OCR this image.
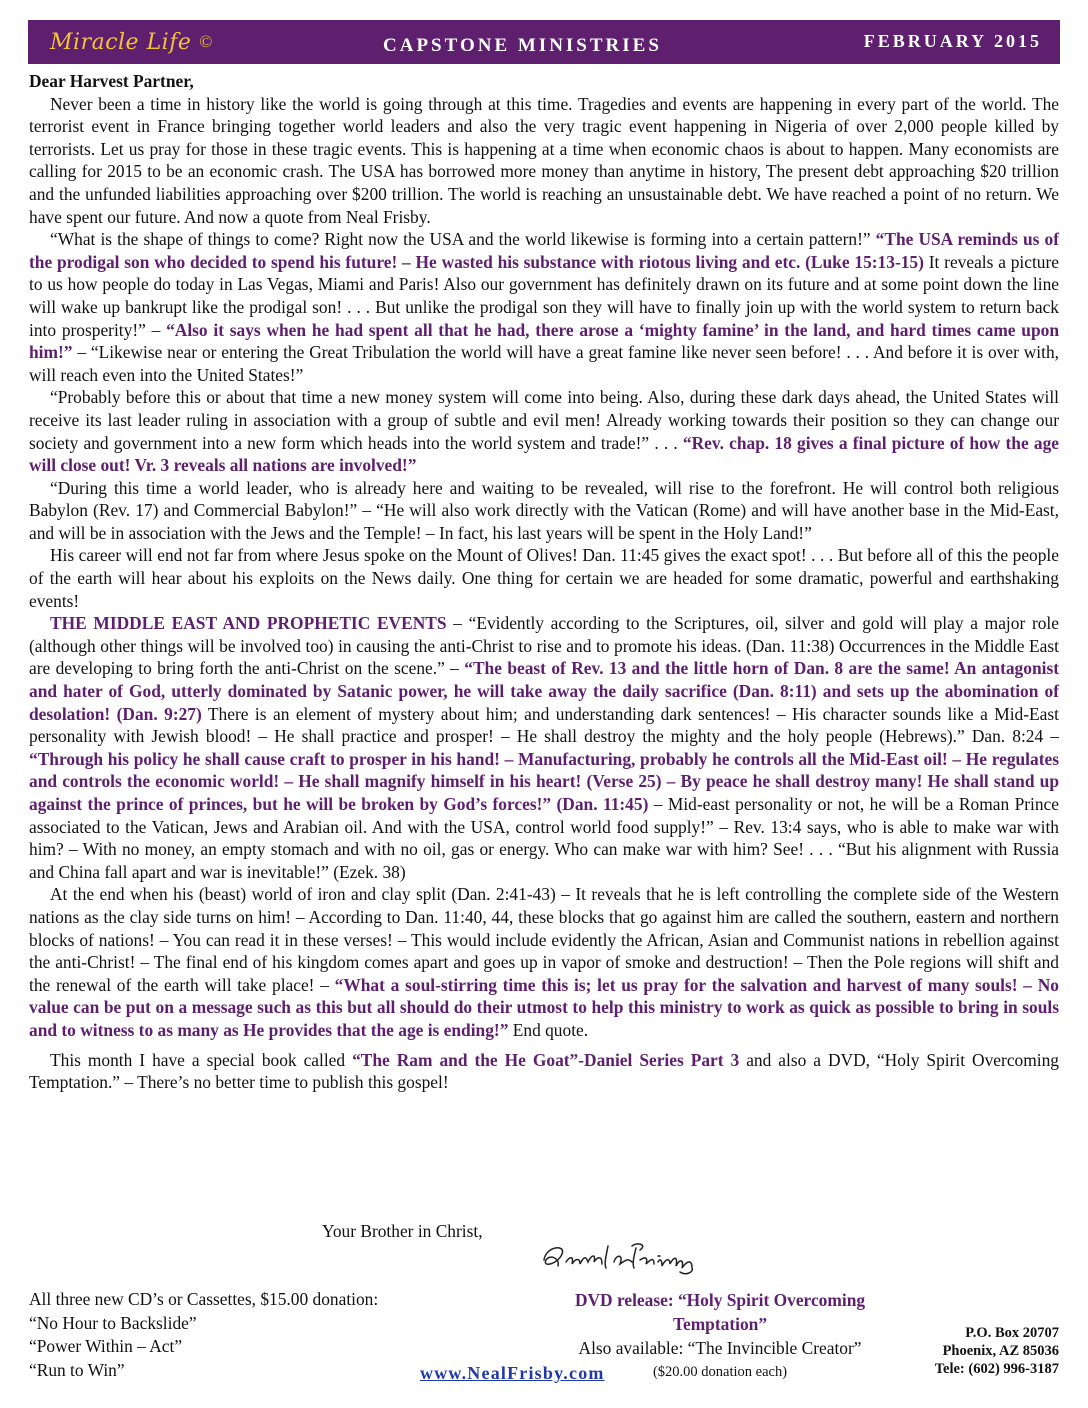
Miracle Life ©	CAPSTONE MINISTRIES	FEBRUARY 2015
Dear Harvest Partner,

Never been a time in history like the world is going through at this time. Tragedies and events are happening in every part of the world. The terrorist event in France bringing together world leaders and also the very tragic event happening in Nigeria of over 2,000 people killed by terrorists. Let us pray for those in these tragic events. This is happening at a time when economic chaos is about to happen. Many economists are calling for 2015 to be an economic crash. The USA has borrowed more money than anytime in history, The present debt approaching $20 trillion and the unfunded liabilities approaching over $200 trillion. The world is reaching an unsustainable debt. We have reached a point of no return. We have spent our future. And now a quote from Neal Frisby.

“What is the shape of things to come? Right now the USA and the world likewise is forming into a certain pattern!” “The USA reminds us of the prodigal son who decided to spend his future! – He wasted his substance with riotous living and etc. (Luke 15:13-15) It reveals a picture to us how people do today in Las Vegas, Miami and Paris! Also our government has definitely drawn on its future and at some point down the line will wake up bankrupt like the prodigal son! . . . But unlike the prodigal son they will have to finally join up with the world system to return back into prosperity!” – “Also it says when he had spent all that he had, there arose a ‘mighty famine’ in the land, and hard times came upon him!” – “Likewise near or entering the Great Tribulation the world will have a great famine like never seen before! . . . And before it is over with, will reach even into the United States!”

“Probably before this or about that time a new money system will come into being. Also, during these dark days ahead, the United States will receive its last leader ruling in association with a group of subtle and evil men! Already working towards their position so they can change our society and government into a new form which heads into the world system and trade!” . . . “Rev. chap. 18 gives a final picture of how the age will close out! Vr. 3 reveals all nations are involved!”

“During this time a world leader, who is already here and waiting to be revealed, will rise to the forefront. He will control both religious Babylon (Rev. 17) and Commercial Babylon!” – “He will also work directly with the Vatican (Rome) and will have another base in the Mid-East, and will be in association with the Jews and the Temple! – In fact, his last years will be spent in the Holy Land!”

His career will end not far from where Jesus spoke on the Mount of Olives! Dan. 11:45 gives the exact spot! . . . But before all of this the people of the earth will hear about his exploits on the News daily. One thing for certain we are headed for some dramatic, powerful and earthshaking events!

THE MIDDLE EAST AND PROPHETIC EVENTS – “Evidently according to the Scriptures, oil, silver and gold will play a major role (although other things will be involved too) in causing the anti-Christ to rise and to promote his ideas. (Dan. 11:38) Occurrences in the Middle East are developing to bring forth the anti-Christ on the scene.” – “The beast of Rev. 13 and the little horn of Dan. 8 are the same! An antagonist and hater of God, utterly dominated by Satanic power, he will take away the daily sacrifice (Dan. 8:11) and sets up the abomination of desolation! (Dan. 9:27) There is an element of mystery about him; and understanding dark sentences! – His character sounds like a Mid-East personality with Jewish blood! – He shall practice and prosper! – He shall destroy the mighty and the holy people (Hebrews).” Dan. 8:24 – “Through his policy he shall cause craft to prosper in his hand! – Manufacturing, probably he controls all the Mid-East oil! – He regulates and controls the economic world! – He shall magnify himself in his heart! (Verse 25) – By peace he shall destroy many! He shall stand up against the prince of princes, but he will be broken by God’s forces!” (Dan. 11:45) – Mid-east personality or not, he will be a Roman Prince associated to the Vatican, Jews and Arabian oil. And with the USA, control world food supply!” – Rev. 13:4 says, who is able to make war with him? – With no money, an empty stomach and with no oil, gas or energy. Who can make war with him? See! . . . “But his alignment with Russia and China fall apart and war is inevitable!” (Ezek. 38)

At the end when his (beast) world of iron and clay split (Dan. 2:41-43) – It reveals that he is left controlling the complete side of the Western nations as the clay side turns on him! – According to Dan. 11:40, 44, these blocks that go against him are called the southern, eastern and northern blocks of nations! – You can read it in these verses! – This would include evidently the African, Asian and Communist nations in rebellion against the anti-Christ! – The final end of his kingdom comes apart and goes up in vapor of smoke and destruction! – Then the Pole regions will shift and the renewal of the earth will take place! – “What a soul-stirring time this is; let us pray for the salvation and harvest of many souls! – No value can be put on a message such as this but all should do their utmost to help this ministry to work as quick as possible to bring in souls and to witness to as many as He provides that the age is ending!” End quote.

This month I have a special book called “The Ram and the He Goat”-Daniel Series Part 3 and also a DVD, “Holy Spirit Overcoming Temptation.” – There’s no better time to publish this gospel!

Your Brother in Christ,
All three new CD’s or Cassettes, $15.00 donation:
“No Hour to Backslide”
“Power Within – Act”
“Run to Win”
DVD release: “Holy Spirit Overcoming Temptation”
Also available: “The Invincible Creator”
($20.00 donation each)
P.O. Box 20707
Phoenix, AZ 85036
Tele: (602) 996-3187
www.NealFrisby.com
